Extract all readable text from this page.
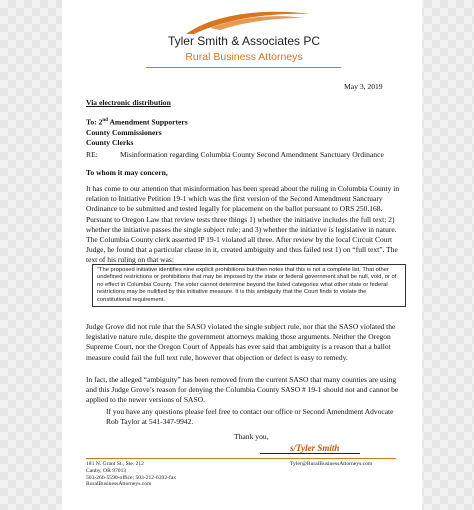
Tyler Smith & Associates PC
Rural Business Attorneys
May 3, 2019
Via electronic distribution
To: 2nd Amendment Supporters
County Commissioners
County Clerks
RE:	Misinformation regarding Columbia County Second Amendment Sanctuary Ordinance
To whom it may concern,
It has come to our attention that misinformation has been spread about the ruling in Columbia County in relation to Initiative Petition 19-1 which was the first version of the Second Amendment Sanctuary Ordinance to be submitted and tested legally for placement on the ballot pursuant to ORS 250.168. Pursuant to Oregon Law that review tests three things 1) whether the initiative includes the full text; 2) whether the initiative passes the single subject rule; and 3) whether the initiative is legislative in nature. The Columbia County clerk asserted IP 19-1 violated all three. After review by the local Circuit Court Judge, he found that a particular clause in it, created ambiguity and thus failed test 1) on “full text”. The text of his ruling on that was:
“The proposed initiative identifies nine explicit prohibitions but then notes that this is not a complete list. That other undefined restrictions or prohibitions that may be imposed by the state or federal government shall be null, void, or of no effect in Columbia County. The voter cannot determine beyond the listed categories what other state or federal restrictions may be nullified by this initiative measure. It is this ambiguity that the Court finds to violate the constitutional requirement.
Judge Grove did not rule that the SASO violated the single subject rule, nor that the SASO violated the legislative nature rule, despite the government attorneys making those arguments. Neither the Oregon Supreme Court, nor the Oregon Court of Appeals has ever said that ambiguity is a reason that a ballot measure could fail the full text rule, however that objection or defect is easy to remedy.
In fact, the alleged “ambiguity” has been removed from the current SASO that many counties are using and this Judge Grove’s reason for denying the Columbia County SASO # 19-1 should not and cannot be applied to the newer versions of SASO.
If you have any questions please feel free to contact our office or Second Amendment Advocate Rob Taylor at 541-347-9942.
Thank you,
s/Tyler Smith
181 N. Grant St., Ste. 212
Canby, OR 97013
503-266-5590-office; 503-212-6392-fax
RuralBusinessAttorneys.com
Tyler@RuralBusinessAttorneys.com
